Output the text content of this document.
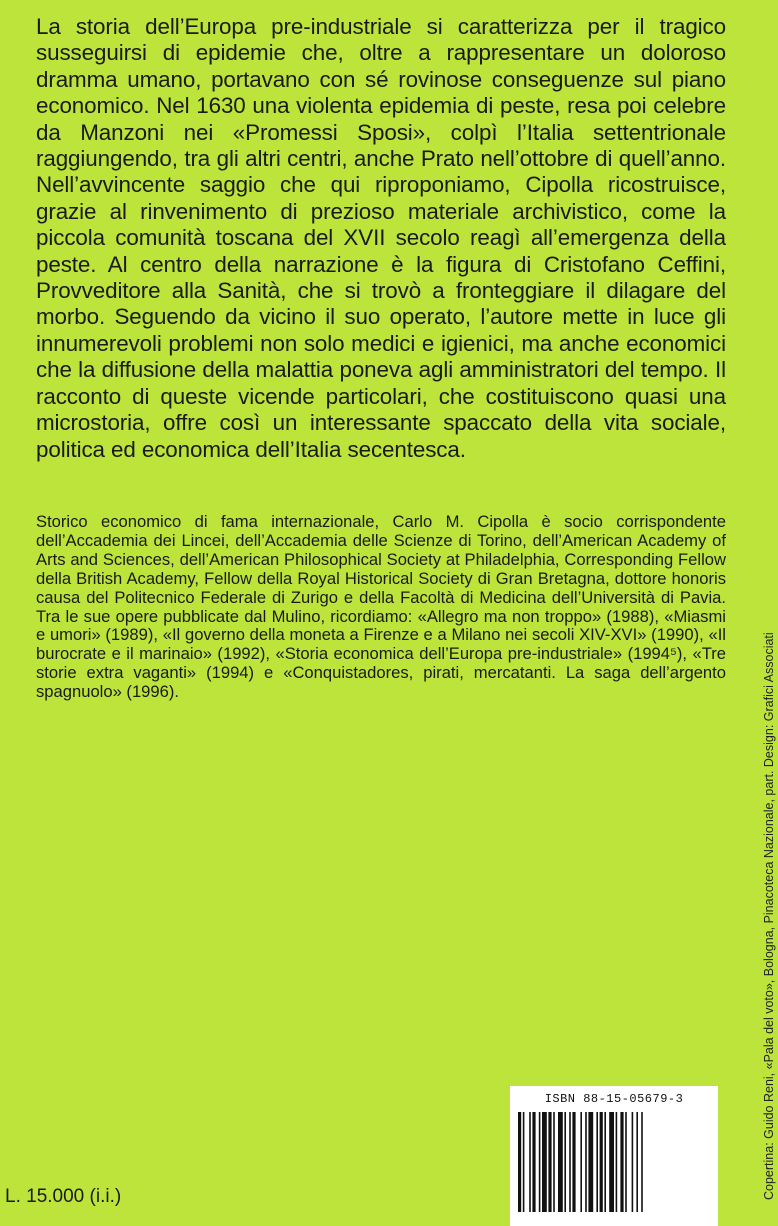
La storia dell’Europa pre-industriale si caratterizza per il tragico susseguirsi di epidemie che, oltre a rappresentare un doloroso dramma umano, portavano con sé rovinose conseguenze sul piano economico. Nel 1630 una violenta epidemia di peste, resa poi celebre da Manzoni nei «Promessi Sposi», colpì l’Italia settentrionale raggiungendo, tra gli altri centri, anche Prato nell’ottobre di quell’anno. Nell’avvincente saggio che qui riproponiamo, Cipolla ricostruisce, grazie al rinvenimento di prezioso materiale archivistico, come la piccola comunità toscana del XVII secolo reagì all’emergenza della peste. Al centro della narrazione è la figura di Cristofano Ceffini, Provveditore alla Sanità, che si trovò a fronteggiare il dilagare del morbo. Seguendo da vicino il suo operato, l’autore mette in luce gli innumerevoli problemi non solo medici e igienici, ma anche economici che la diffusione della malattia poneva agli amministratori del tempo. Il racconto di queste vicende particolari, che costituiscono quasi una microstoria, offre così un interessante spaccato della vita sociale, politica ed economica dell’Italia secentesca.

Storico economico di fama internazionale, Carlo M. Cipolla è socio corrispondente dell’Accademia dei Lincei, dell’Accademia delle Scienze di Torino, dell’American Academy of Arts and Sciences, dell’American Philosophical Society at Philadelphia, Corresponding Fellow della British Academy, Fellow della Royal Historical Society di Gran Bretagna, dottore honoris causa del Politecnico Federale di Zurigo e della Facoltà di Medicina dell’Università di Pavia. Tra le sue opere pubblicate dal Mulino, ricordiamo: «Allegro ma non troppo» (1988), «Miasmi e umori» (1989), «Il governo della moneta a Firenze e a Milano nei secoli XIV-XVI» (1990), «Il burocrate e il marinaio» (1992), «Storia economica dell’Europa pre-industriale» (1994⁵), «Tre storie extra vaganti» (1994) e «Conquistadores, pirati, mercatanti. La saga dell’argento spagnuolo» (1996).	Copertina: Guido Reni, «Pala del voto», Bologna, Pinacoteca Nazionale, part. Design: Grafici Associati
ISBN 88-15-05679-3
L. 15.000 (i.i.)
